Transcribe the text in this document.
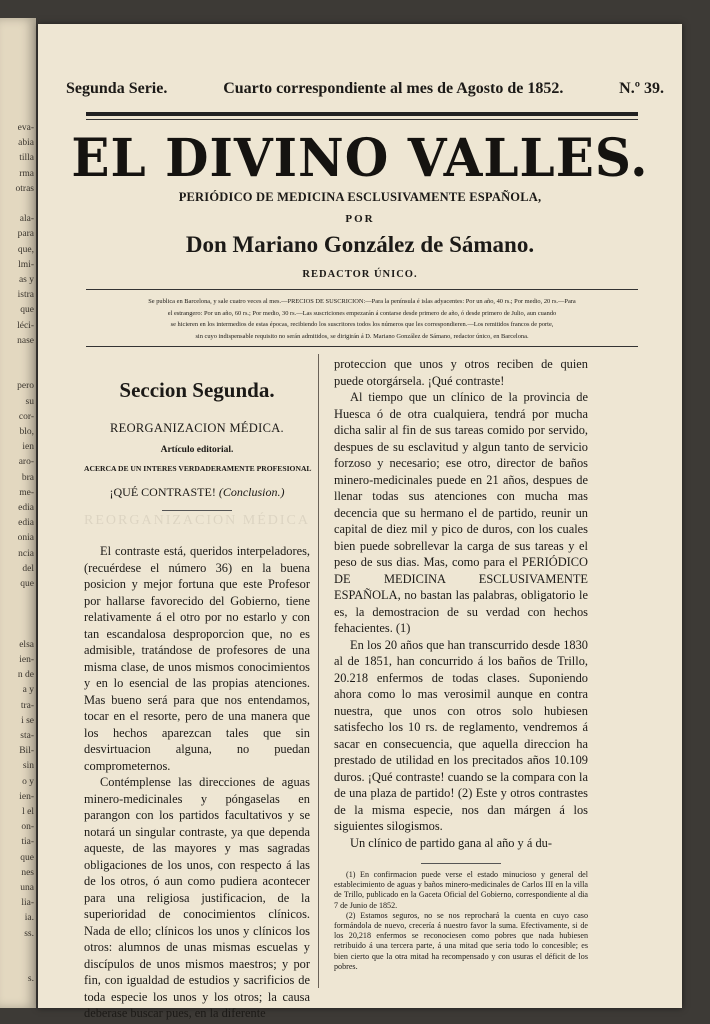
eva-
abia
tilla
rma
otras
ala-
para
que,
lmi-
as y
istra
que
léci-
nase
pero
su
cor-
blo,
ien
aro-
bra
me-
edia
edia
onia
ncia
del
que
elsa
ien-
n de
a y
tra-
i se
sta-
Bil-
sin
o y
ien-
l el
on-
tia-
que
nes
una
lia-
ia.
ss.
s.
Segunda Serie.	Cuarto correspondiente al mes de Agosto de 1852.	N.º 39.
EL DIVINO VALLES.
PERIÓDICO DE MEDICINA ESCLUSIVAMENTE ESPAÑOLA,
POR
Don Mariano González de Sámano.
REDACTOR ÚNICO.
Se publica en Barcelona, y sale cuatro veces al mes.—PRECIOS DE SUSCRICION:—Para la península é islas adyacentes: Por un año, 40 rs.; Por medio, 20 rs.—Para
el estrangero: Por un año, 60 rs.; Por medio, 30 rs.—Las suscriciones empezarán á contarse desde primero de año, ó desde primero de Julio, aun cuando
se hicieren en los intermedios de estas épocas, recibiendo los suscritores todos los números que les correspondieren.—Los remitidos francos de porte,
sin cuyo indispensable requisito no serán admitidos, se dirigirán á D. Mariano González de Sámano, redactor único, en Barcelona.
Seccion Segunda.
REORGANIZACION MÉDICA.
Artículo editorial.
ACERCA DE UN INTERES VERDADERAMENTE PROFESIONAL
¡QUÉ CONTRASTE! (Conclusion.)
REORGANIZACION MÉDICA

El contraste está, queridos interpeladores, (recuérdese el número 36) en la buena posicion y mejor fortuna que este Profesor por hallarse favorecido del Gobierno, tiene relativamente á el otro por no estarlo y con tan escandalosa desproporcion que, no es admisible, tratándose de profesores de una misma clase, de unos mismos conocimientos y en lo esencial de las propias atenciones. Mas bueno será para que nos entendamos, tocar en el resorte, pero de una manera que los hechos aparezcan tales que sin desvirtuacion alguna, no puedan comprometernos.

Contémplense las direcciones de aguas minero-medicinales y póngaselas en parangon con los partidos facultativos y se notará un singular contraste, ya que dependa aqueste, de las mayores y mas sagradas obligaciones de los unos, con respecto á las de los otros, ó aun como pudiera acontecer para una religiosa justificacion, de la superioridad de conocimientos clínicos. Nada de ello; clínicos los unos y clínicos los otros: alumnos de unas mismas escuelas y discípulos de unos mismos maestros; y por fin, con igualdad de estudios y sacrificios de toda especie los unos y los otros; la causa deberase buscar pues, en la diferente

proteccion que unos y otros reciben de quien puede otorgársela. ¡Qué contraste!

Al tiempo que un clínico de la provincia de Huesca ó de otra cualquiera, tendrá por mucha dicha salir al fin de sus tareas comido por servido, despues de su esclavitud y algun tanto de servicio forzoso y necesario; ese otro, director de baños minero-medicinales puede en 21 años, despues de llenar todas sus atenciones con mucha mas decencia que su hermano el de partido, reunir un capital de diez mil y pico de duros, con los cuales bien puede sobrellevar la carga de sus tareas y el peso de sus dias. Mas, como para el PERIÓDICO DE MEDICINA ESCLUSIVAMENTE ESPAÑOLA, no bastan las palabras, obligatorio le es, la demostracion de su verdad con hechos fehacientes. (1)

En los 20 años que han transcurrido desde 1830 al de 1851, han concurrido á los baños de Trillo, 20.218 enfermos de todas clases. Suponiendo ahora como lo mas verosimil aunque en contra nuestra, que unos con otros solo hubiesen satisfecho los 10 rs. de reglamento, vendremos á sacar en consecuencia, que aquella direccion ha prestado de utilidad en los precitados años 10.109 duros. ¡Qué contraste! cuando se la compara con la de una plaza de partido! (2) Este y otros contrastes de la misma especie, nos dan márgen á los siguientes silogismos.

Un clínico de partido gana al año y á du-

(1) En confirmacion puede verse el estado minucioso y general del establecimiento de aguas y baños minero-medicinales de Carlos III en la villa de Trillo, publicado en la Gaceta Oficial del Gobierno, correspondiente al dia 7 de Junio de 1852.

(2) Estamos seguros, no se nos reprochará la cuenta en cuyo caso formándola de nuevo, crecería á nuestro favor la suma. Efectivamente, si de los 20,218 enfermos se reconociesen como pobres que nada hubiesen retribuido á una tercera parte, á una mitad que seria todo lo concesible; es bien cierto que la otra mitad ha recompensado y con usuras el déficit de los pobres.
